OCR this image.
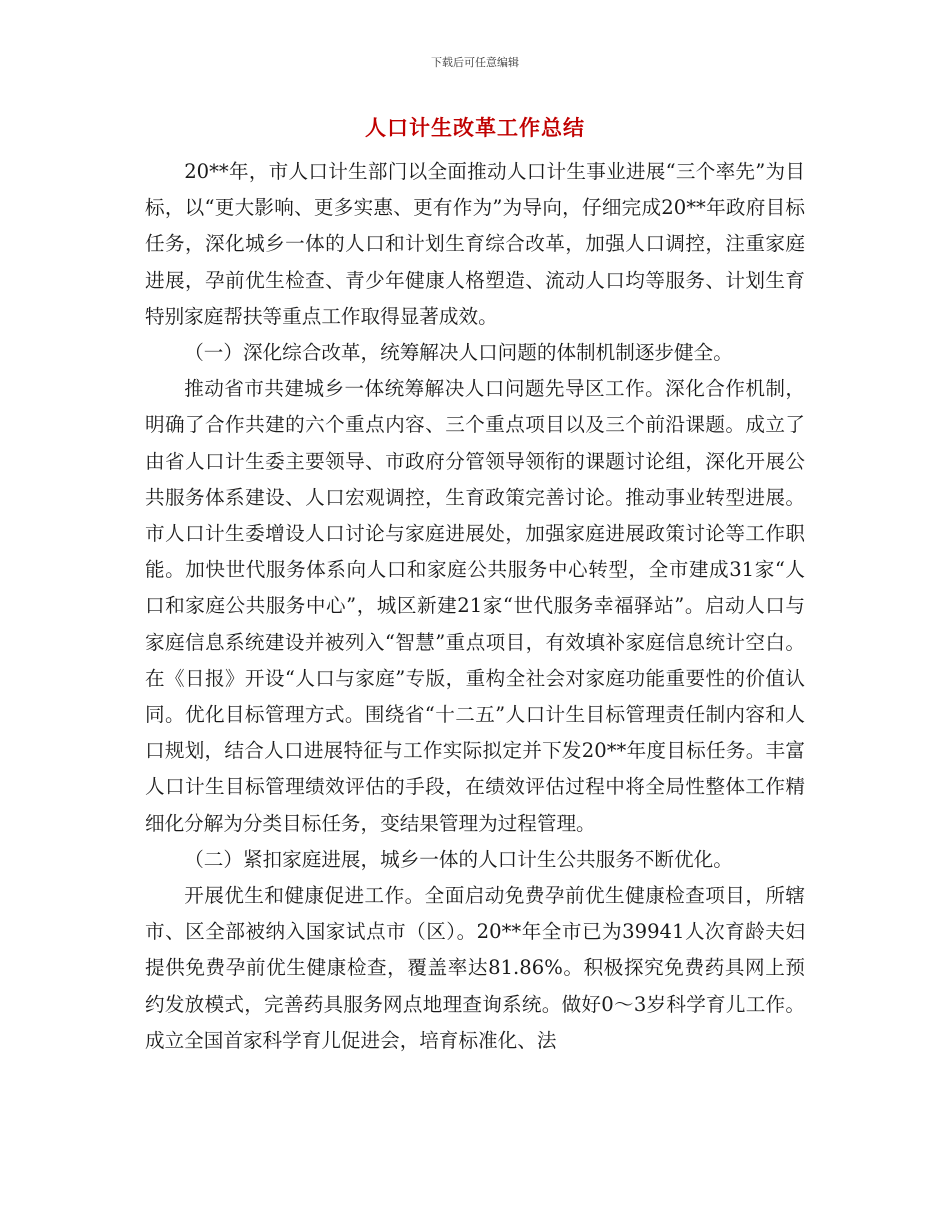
下载后可任意编辑
人口计生改革工作总结

20**年，市人口计生部门以全面推动人口计生事业进展“三个率先”为目标，以“更大影响、更多实惠、更有作为”为导向，仔细完成20**年政府目标任务，深化城乡一体的人口和计划生育综合改革，加强人口调控，注重家庭进展，孕前优生检查、青少年健康人格塑造、流动人口均等服务、计划生育特别家庭帮扶等重点工作取得显著成效。

（一）深化综合改革，统筹解决人口问题的体制机制逐步健全。

推动省市共建城乡一体统筹解决人口问题先导区工作。深化合作机制，明确了合作共建的六个重点内容、三个重点项目以及三个前沿课题。成立了由省人口计生委主要领导、市政府分管领导领衔的课题讨论组，深化开展公共服务体系建设、人口宏观调控，生育政策完善讨论。推动事业转型进展。市人口计生委增设人口讨论与家庭进展处，加强家庭进展政策讨论等工作职能。加快世代服务体系向人口和家庭公共服务中心转型，全市建成31家“人口和家庭公共服务中心”，城区新建21家“世代服务幸福驿站”。启动人口与家庭信息系统建设并被列入“智慧”重点项目，有效填补家庭信息统计空白。在《日报》开设“人口与家庭”专版，重构全社会对家庭功能重要性的价值认同。优化目标管理方式。围绕省“十二五”人口计生目标管理责任制内容和人口规划，结合人口进展特征与工作实际拟定并下发20**年度目标任务。丰富人口计生目标管理绩效评估的手段，在绩效评估过程中将全局性整体工作精细化分解为分类目标任务，变结果管理为过程管理。

（二）紧扣家庭进展，城乡一体的人口计生公共服务不断优化。

开展优生和健康促进工作。全面启动免费孕前优生健康检查项目，所辖市、区全部被纳入国家试点市（区）。20**年全市已为39941人次育龄夫妇提供免费孕前优生健康检查，覆盖率达81.86%。积极探究免费药具网上预约发放模式，完善药具服务网点地理查询系统。做好0～3岁科学育儿工作。成立全国首家科学育儿促进会，培育标准化、法
